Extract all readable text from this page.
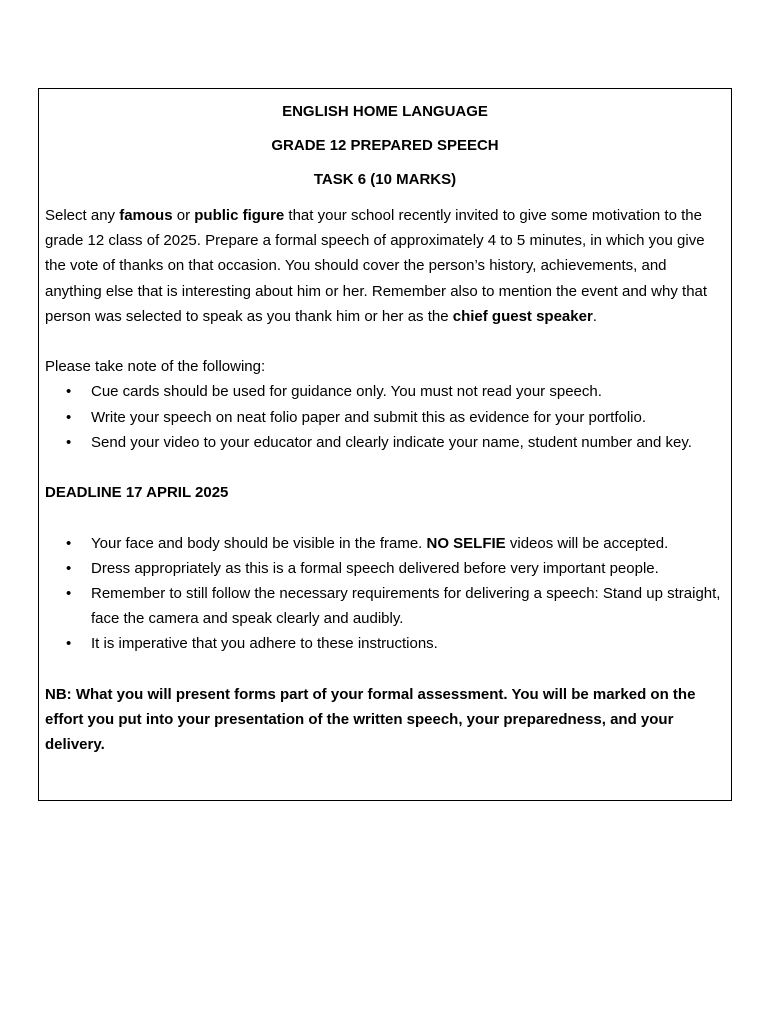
ENGLISH HOME LANGUAGE
GRADE 12 PREPARED SPEECH
TASK 6 (10 MARKS)

Select any famous or public figure that your school recently invited to give some motivation to the grade 12 class of 2025. Prepare a formal speech of approximately 4 to 5 minutes, in which you give the vote of thanks on that occasion. You should cover the person’s history, achievements, and anything else that is interesting about him or her. Remember also to mention the event and why that person was selected to speak as you thank him or her as the chief guest speaker.

Please take note of the following:

• Cue cards should be used for guidance only. You must not read your speech.
• Write your speech on neat folio paper and submit this as evidence for your portfolio.
• Send your video to your educator and clearly indicate your name, student number and key.

DEADLINE 17 APRIL 2025

• Your face and body should be visible in the frame. NO SELFIE videos will be accepted.
• Dress appropriately as this is a formal speech delivered before very important people.
• Remember to still follow the necessary requirements for delivering a speech: Stand up straight, face the camera and speak clearly and audibly.
• It is imperative that you adhere to these instructions.

NB: What you will present forms part of your formal assessment. You will be marked on the effort you put into your presentation of the written speech, your preparedness, and your delivery.
